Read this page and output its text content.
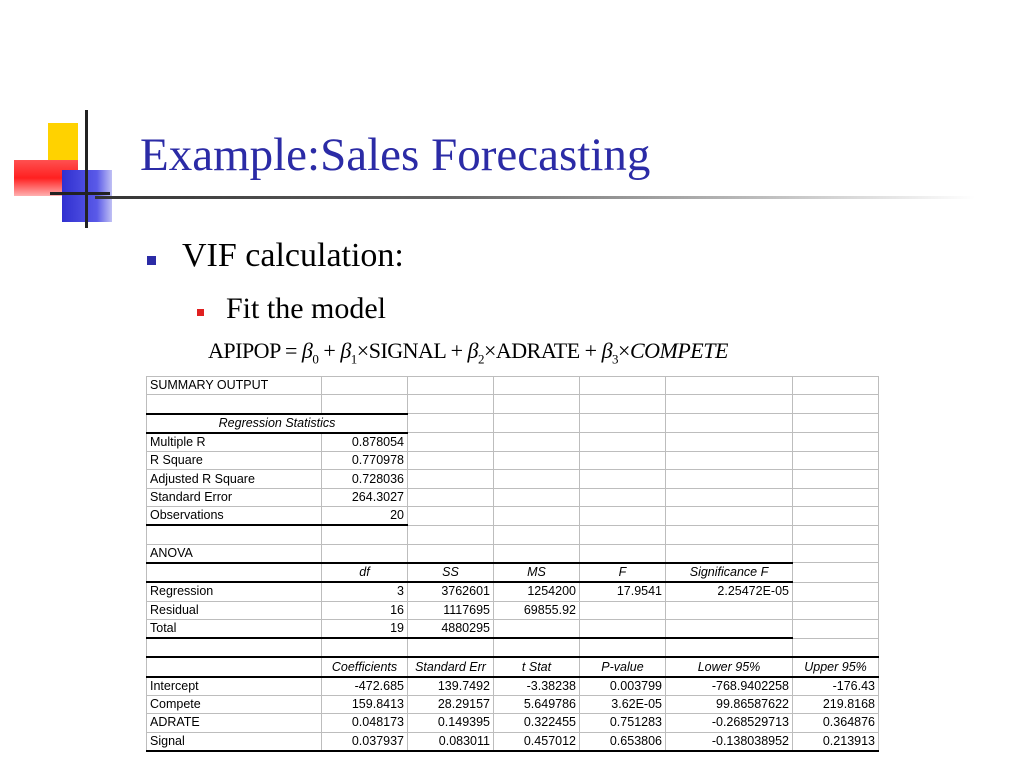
Example:Sales Forecasting
VIF calculation:
Fit the model
APIPOP = $\beta_0$ + $\beta_1\times SIGNAL$ + $\beta_2\times ADRATE$ + $\beta_3\times COMPETE$
SUMMARY OUTPUT						

Regression Statistics						
Multiple R	0.878054					
R Square	0.770978					
Adjusted R Square	0.728036					
Standard Error	264.3027					
Observations	20					

ANOVA						
	df	SS	MS	F	Significance F	
Regression	3	3762601	1254200	17.9541	2.25472E-05	
Residual	16	1117695	69855.92			
Total	19	4880295				

	Coefficients	Standard Err	t Stat	P-value	Lower 95%	Upper 95%
Intercept	-472.685	139.7492	-3.38238	0.003799	-768.9402258	-176.43
Compete	159.8413	28.29157	5.649786	3.62E-05	99.86587622	219.8168
ADRATE	0.048173	0.149395	0.322455	0.751283	-0.268529713	0.364876
Signal	0.037937	0.083011	0.457012	0.653806	-0.138038952	0.213913
